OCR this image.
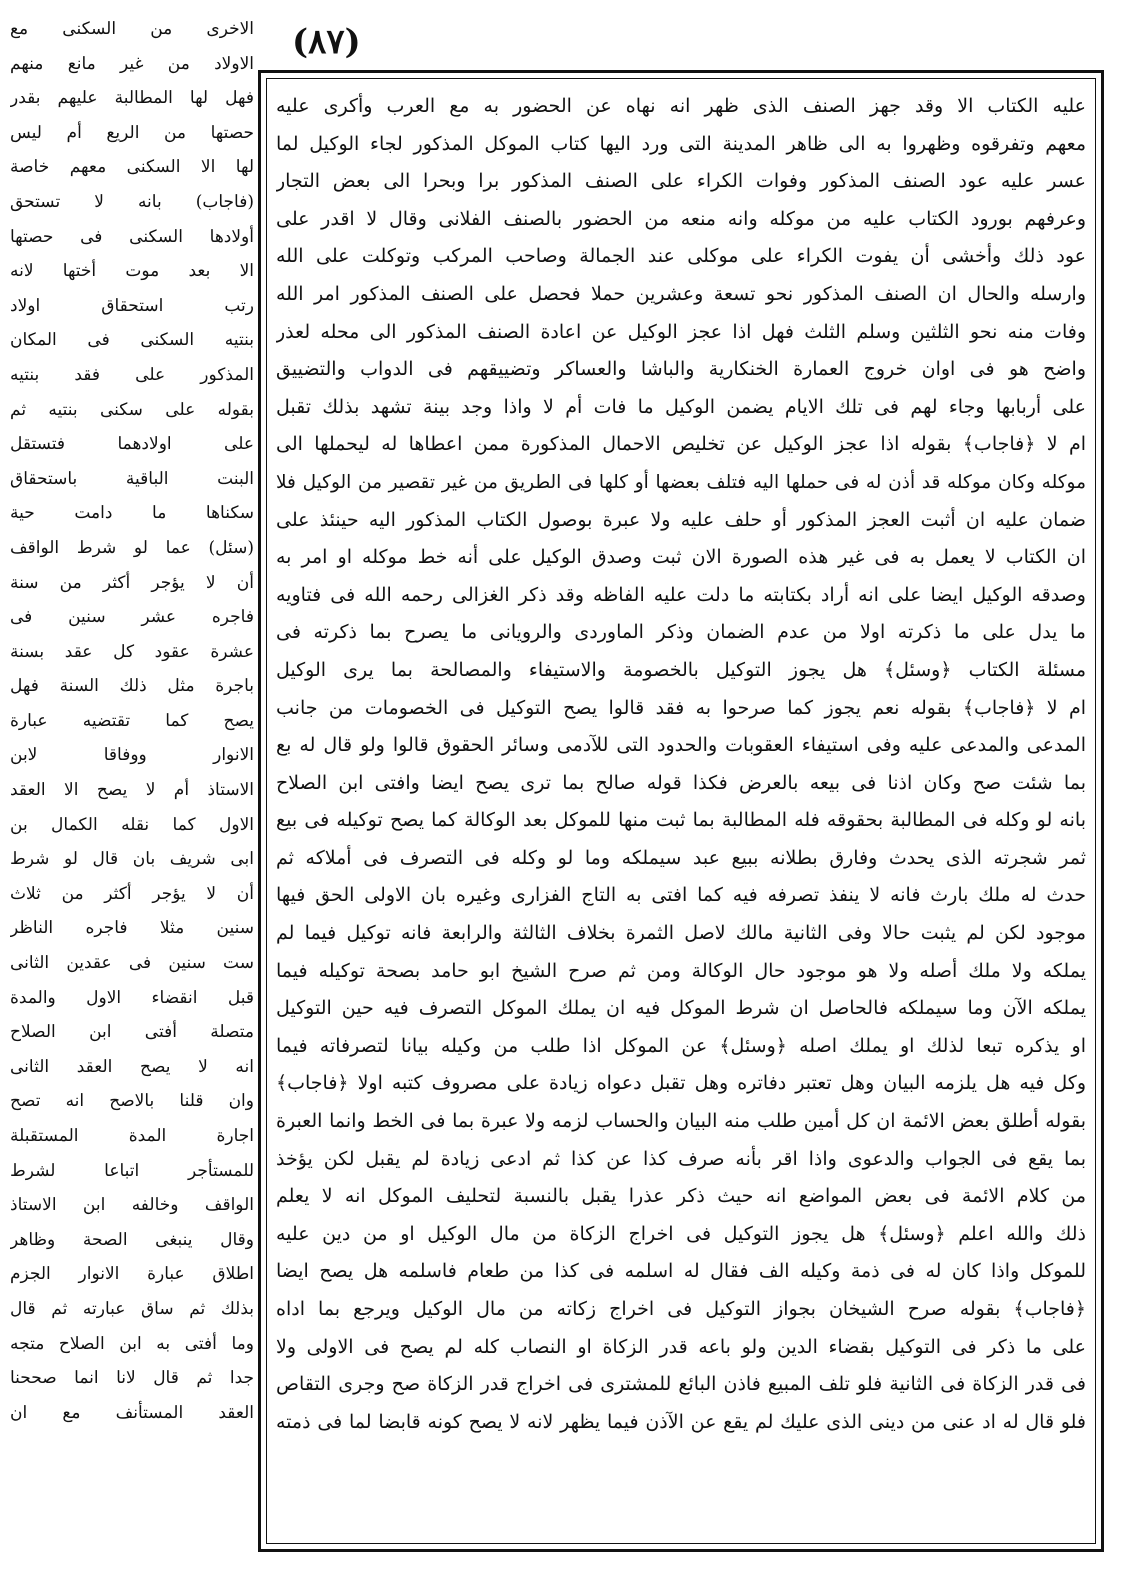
(٨٧)
عليه الكتاب الا وقد جهز الصنف الذى ظهر انه نهاه عن الحضور به مع العرب وأكرى عليه
معهم وتفرقوه وظهروا به الى ظاهر المدينة التى ورد اليها كتاب الموكل المذكور لجاء الوكيل لما
عسر عليه عود الصنف المذكور وفوات الكراء على الصنف المذكور برا وبحرا الى بعض التجار
وعرفهم بورود الكتاب عليه من موكله وانه منعه من الحضور بالصنف الفلانى وقال لا اقدر على
عود ذلك وأخشى أن يفوت الكراء على موكلى عند الجمالة وصاحب المركب وتوكلت على الله
وارسله والحال ان الصنف المذكور نحو تسعة وعشرين حملا فحصل على الصنف المذكور امر الله
وفات منه نحو الثلثين وسلم الثلث فهل اذا عجز الوكيل عن اعادة الصنف المذكور الى محله لعذر
واضح هو فى اوان خروج العمارة الخنكارية والباشا والعساكر وتضييقهم فى الدواب والتضييق
على أربابها وجاء لهم فى تلك الايام يضمن الوكيل ما فات أم لا واذا وجد بينة تشهد بذلك تقبل
ام لا ﴿فاجاب﴾ بقوله اذا عجز الوكيل عن تخليص الاحمال المذكورة ممن اعطاها له ليحملها الى
موكله وكان موكله قد أذن له فى حملها اليه فتلف بعضها أو كلها فى الطريق من غير تقصير من الوكيل فلا
ضمان عليه ان أثبت العجز المذكور أو حلف عليه ولا عبرة بوصول الكتاب المذكور اليه حينئذ على
ان الكتاب لا يعمل به فى غير هذه الصورة الان ثبت وصدق الوكيل على أنه خط موكله او امر به
وصدقه الوكيل ايضا على انه أراد بكتابته ما دلت عليه الفاظه وقد ذكر الغزالى رحمه الله فى فتاويه
ما يدل على ما ذكرته اولا من عدم الضمان وذكر الماوردى والرويانى ما يصرح بما ذكرته فى
مسئلة الكتاب ﴿وسئل﴾ هل يجوز التوكيل بالخصومة والاستيفاء والمصالحة بما يرى الوكيل
ام لا ﴿فاجاب﴾ بقوله نعم يجوز كما صرحوا به فقد قالوا يصح التوكيل فى الخصومات من جانب
المدعى والمدعى عليه وفى استيفاء العقوبات والحدود التى للآدمى وسائر الحقوق قالوا ولو قال له بع
بما شئت صح وكان اذنا فى بيعه بالعرض فكذا قوله صالح بما ترى يصح ايضا وافتى ابن الصلاح
بانه لو وكله فى المطالبة بحقوقه فله المطالبة بما ثبت منها للموكل بعد الوكالة كما يصح توكيله فى بيع
ثمر شجرته الذى يحدث وفارق بطلانه ببيع عبد سيملكه وما لو وكله فى التصرف فى أملاكه ثم
حدث له ملك بارث فانه لا ينفذ تصرفه فيه كما افتى به التاج الفزارى وغيره بان الاولى الحق فيها
موجود لكن لم يثبت حالا وفى الثانية مالك لاصل الثمرة بخلاف الثالثة والرابعة فانه توكيل فيما لم
يملكه ولا ملك أصله ولا هو موجود حال الوكالة ومن ثم صرح الشيخ ابو حامد بصحة توكيله فيما
يملكه الآن وما سيملكه فالحاصل ان شرط الموكل فيه ان يملك الموكل التصرف فيه حين التوكيل
او يذكره تبعا لذلك او يملك اصله ﴿وسئل﴾ عن الموكل اذا طلب من وكيله بيانا لتصرفاته فيما
وكل فيه هل يلزمه البيان وهل تعتبر دفاتره وهل تقبل دعواه زيادة على مصروف كتبه اولا ﴿فاجاب﴾
بقوله أطلق بعض الائمة ان كل أمين طلب منه البيان والحساب لزمه ولا عبرة بما فى الخط وانما العبرة
بما يقع فى الجواب والدعوى واذا اقر بأنه صرف كذا عن كذا ثم ادعى زيادة لم يقبل لكن يؤخذ
من كلام الائمة فى بعض المواضع انه حيث ذكر عذرا يقبل بالنسبة لتحليف الموكل انه لا يعلم
ذلك والله اعلم ﴿وسئل﴾ هل يجوز التوكيل فى اخراج الزكاة من مال الوكيل او من دين عليه
للموكل واذا كان له فى ذمة وكيله الف فقال له اسلمه فى كذا من طعام فاسلمه هل يصح ايضا
﴿فاجاب﴾ بقوله صرح الشيخان بجواز التوكيل فى اخراج زكاته من مال الوكيل ويرجع بما اداه
على ما ذكر فى التوكيل بقضاء الدين ولو باعه قدر الزكاة او النصاب كله لم يصح فى الاولى ولا
فى قدر الزكاة فى الثانية فلو تلف المبيع فاذن البائع للمشترى فى اخراج قدر الزكاة صح وجرى التقاص
فلو قال له اد عنى من دينى الذى عليك لم يقع عن الآذن فيما يظهر لانه لا يصح كونه قابضا لما فى ذمته
الاخرى من السكنى مع
الاولاد من غير مانع منهم
فهل لها المطالبة عليهم بقدر
حصتها من الريع أم ليس
لها الا السكنى معهم خاصة
(فاجاب) بانه لا تستحق
أولادها السكنى فى حصتها
الا بعد موت أختها لانه
رتب استحقاق اولاد
بنتيه السكنى فى المكان
المذكور على فقد بنتيه
بقوله على سكنى بنتيه ثم
على اولادهما فتستقل
البنت الباقية باستحقاق
سكناها ما دامت حية
(سئل) عما لو شرط الواقف
أن لا يؤجر أكثر من سنة
فاجره عشر سنين فى
عشرة عقود كل عقد بسنة
باجرة مثل ذلك السنة فهل
يصح كما تقتضيه عبارة
الانوار ووفاقا لابن
الاستاذ أم لا يصح الا العقد
الاول كما نقله الكمال بن
ابى شريف بان قال لو شرط
أن لا يؤجر أكثر من ثلاث
سنين مثلا فاجره الناظر
ست سنين فى عقدين الثانى
قبل انقضاء الاول والمدة
متصلة أفتى ابن الصلاح
انه لا يصح العقد الثانى
وان قلنا بالاصح انه تصح
اجارة المدة المستقبلة
للمستأجر اتباعا لشرط
الواقف وخالفه ابن الاستاذ
وقال ينبغى الصحة وظاهر
اطلاق عبارة الانوار الجزم
بذلك ثم ساق عبارته ثم قال
وما أفتى به ابن الصلاح متجه
جدا ثم قال لانا انما صححنا
العقد المستأنف مع ان
